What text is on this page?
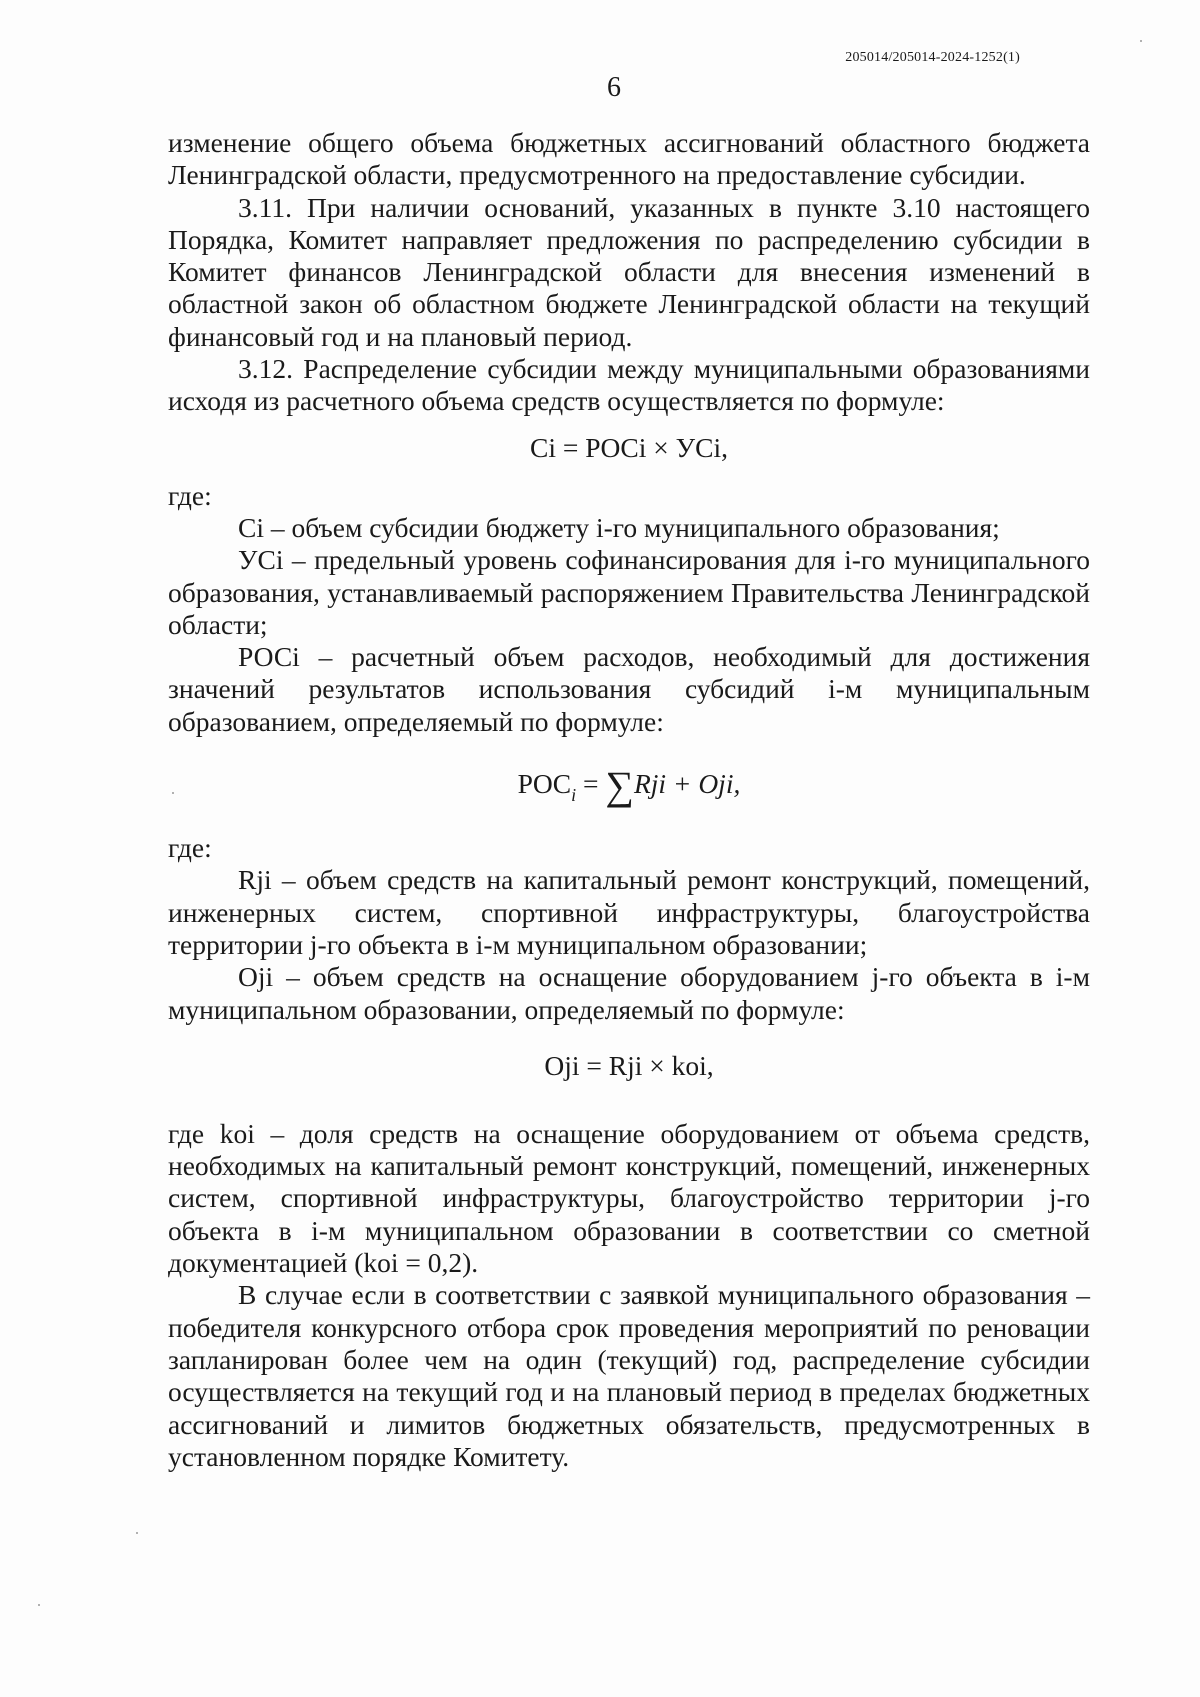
205014/205014-2024-1252(1)
6

изменение общего объема бюджетных ассигнований областного бюджета Ленинградской области, предусмотренного на предоставление субсидии.

3.11. При наличии оснований, указанных в пункте 3.10 настоящего Порядка, Комитет направляет предложения по распределению субсидии в Комитет финансов Ленинградской области для внесения изменений в областной закон об областном бюджете Ленинградской области на текущий финансовый год и на плановый период.

3.12. Распределение субсидии между муниципальными образованиями исходя из расчетного объема средств осуществляется по формуле:

Ci = POCi × УCi,

где:

Ci – объем субсидии бюджету i-го муниципального образования;

УСi – предельный уровень софинансирования для i-го муниципального образования, устанавливаемый распоряжением Правительства Ленинградской области;

РОСi – расчетный объем расходов, необходимый для достижения значений результатов использования субсидий i-м муниципальным образованием, определяемый по формуле:

$POC_i = \sum Rji$ + Oji,

где:

Rji – объем средств на капитальный ремонт конструкций, помещений, инженерных систем, спортивной инфраструктуры, благоустройства территории j-го объекта в i-м муниципальном образовании;

Oji – объем средств на оснащение оборудованием j-го объекта в i-м муниципальном образовании, определяемый по формуле:

Oji = Rji × koi,

где koi – доля средств на оснащение оборудованием от объема средств, необходимых на капитальный ремонт конструкций, помещений, инженерных систем, спортивной инфраструктуры, благоустройство территории j-го объекта в i-м муниципальном образовании в соответствии со сметной документацией (koi = 0,2).

В случае если в соответствии с заявкой муниципального образования – победителя конкурсного отбора срок проведения мероприятий по реновации запланирован более чем на один (текущий) год, распределение субсидии осуществляется на текущий год и на плановый период в пределах бюджетных ассигнований и лимитов бюджетных обязательств, предусмотренных в установленном порядке Комитету.
